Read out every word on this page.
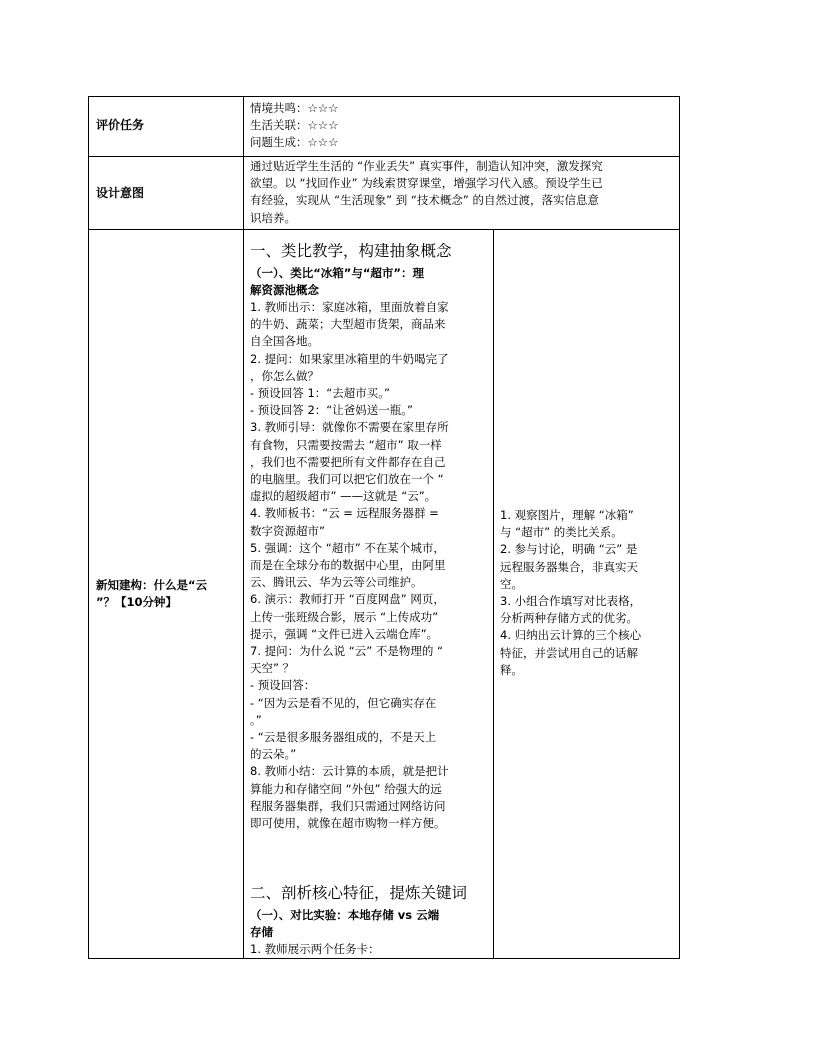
评价任务
情境共鸣：☆☆☆
生活关联：☆☆☆
问题生成：☆☆☆
设计意图
通过贴近学生生活的 “作业丢失” 真实事件，制造认知冲突，激发探究
欲望。以 “找回作业” 为线索贯穿课堂，增强学习代入感。预设学生已
有经验，实现从 “生活现象” 到 “技术概念” 的自然过渡，落实信息意
识培养。
新知建构：什么是“云
”？【10分钟】
一、类比教学，构建抽象概念
（一）、类比“冰箱”与“超市”：理
解资源池概念
1. 教师出示：家庭冰箱，里面放着自家
的牛奶、蔬菜；大型超市货架，商品来
自全国各地。
2. 提问：如果家里冰箱里的牛奶喝完了
，你怎么做？
- 预设回答 1：“去超市买。”
- 预设回答 2：“让爸妈送一瓶。”
3. 教师引导：就像你不需要在家里存所
有食物，只需要按需去 “超市” 取一样
，我们也不需要把所有文件都存在自己
的电脑里。我们可以把它们放在一个 “
虚拟的超级超市” ——这就是 “云”。
4. 教师板书：“云 = 远程服务器群 =
数字资源超市”
5. 强调：这个 “超市” 不在某个城市，
而是在全球分布的数据中心里，由阿里
云、腾讯云、华为云等公司维护。
6. 演示：教师打开 “百度网盘” 网页，
上传一张班级合影，展示 “上传成功”
提示，强调 “文件已进入云端仓库”。
7. 提问：为什么说 “云” 不是物理的 “
天空” ？
- 预设回答：
- “因为云是看不见的，但它确实存在
。”
- “云是很多服务器组成的，不是天上
的云朵。”
8. 教师小结：云计算的本质，就是把计
算能力和存储空间 “外包” 给强大的远
程服务器集群，我们只需通过网络访问
即可使用，就像在超市购物一样方便。
二、剖析核心特征，提炼关键词
（一）、对比实验：本地存储 vs 云端
存储
1. 教师展示两个任务卡：
1. 观察图片，理解 “冰箱”
与 “超市” 的类比关系。
2. 参与讨论，明确 “云” 是
远程服务器集合，非真实天
空。
3. 小组合作填写对比表格，
分析两种存储方式的优劣。
4. 归纳出云计算的三个核心
特征，并尝试用自己的话解
释。
